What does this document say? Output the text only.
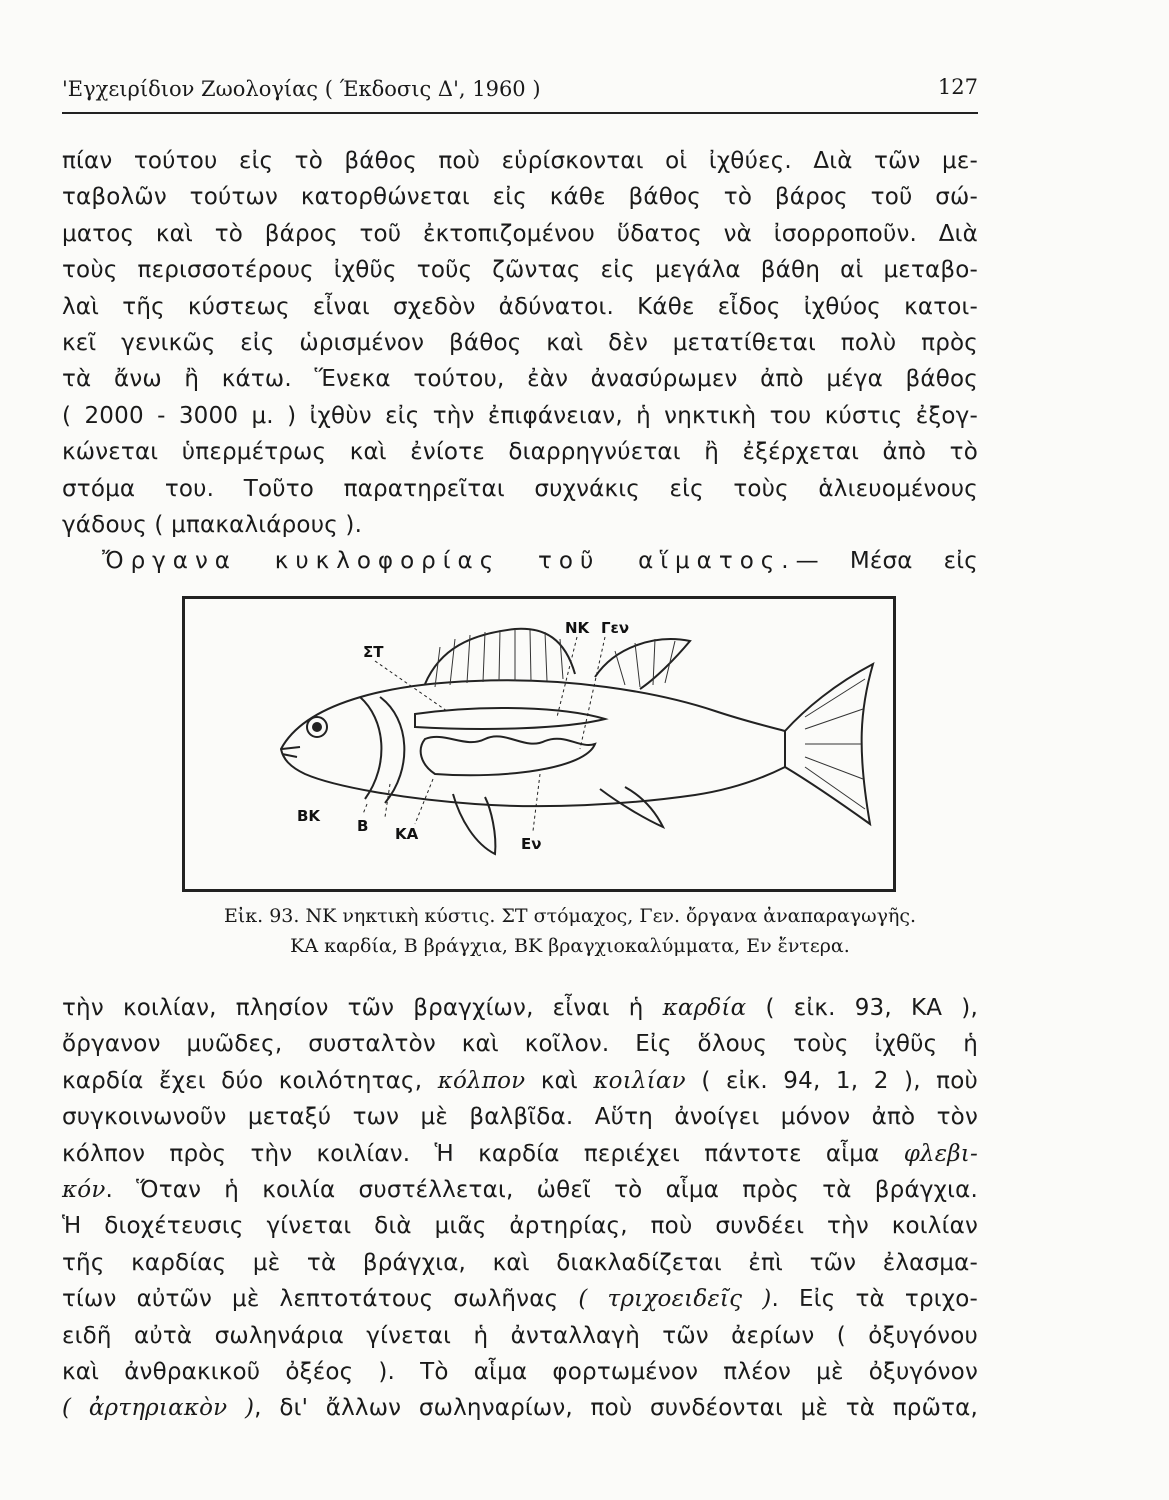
'Εγχειρίδιον Ζωολογίας ( Έκδοσις Δ', 1960 )	127
πίαν τούτου εἰς τὸ βάθος ποὺ εὑρίσκονται οἱ ἰχθύες. Διὰ τῶν με-
ταβολῶν τούτων κατορθώνεται εἰς κάθε βάθος τὸ βάρος τοῦ σώ-
ματος καὶ τὸ βάρος τοῦ ἐκτοπιζομένου ὕδατος νὰ ἰσορροποῦν. Διὰ
τοὺς περισσοτέρους ἰχθῦς τοῦς ζῶντας εἰς μεγάλα βάθη αἱ μεταβο-
λαὶ τῆς κύστεως εἶναι σχεδὸν ἀδύνατοι. Κάθε εἶδος ἰχθύος κατοι-
κεῖ γενικῶς εἰς ὡρισμένον βάθος καὶ δὲν μετατίθεται πολὺ πρὸς
τὰ ἄνω ἢ κάτω. Ἕνεκα τούτου, ἐὰν ἀνασύρωμεν ἀπὸ μέγα βάθος
( 2000 - 3000 μ. ) ἰχθὺν εἰς τὴν ἐπιφάνειαν, ἡ νηκτικὴ του κύστις ἐξογ-
κώνεται ὑπερμέτρως καὶ ἐνίοτε διαρρηγνύεται ἢ ἐξέρχεται ἀπὸ τὸ
στόμα του. Τοῦτο παρατηρεῖται συχνάκις εἰς τοὺς ἁλιευομένους
γάδους ( μπακαλιάρους ).
Ὄργανα κυκλοφορίας τοῦ αἵματος.— Μέσα εἰς
ΣΤ
NK Γεν
ΒΚ
Β ΚΑ
Εν
Εἰκ. 93. ΝΚ νηκτικὴ κύστις. ΣΤ στόμαχος, Γεν. ὄργανα ἀναπαραγωγῆς.
ΚΑ καρδία, Β βράγχια, ΒΚ βραγχιοκαλύμματα, Εν ἔντερα.
τὴν κοιλίαν, πλησίον τῶν βραγχίων, εἶναι ἡ καρδία ( εἰκ. 93, ΚΑ ),
ὄργανον μυῶδες, συσταλτὸν καὶ κοῖλον. Εἰς ὅλους τοὺς ἰχθῦς ἡ
καρδία ἔχει δύο κοιλότητας, κόλπον καὶ κοιλίαν ( εἰκ. 94, 1, 2 ), ποὺ
συγκοινωνοῦν μεταξύ των μὲ βαλβῖδα. Αὕτη ἀνοίγει μόνον ἀπὸ τὸν
κόλπον πρὸς τὴν κοιλίαν. Ἡ καρδία περιέχει πάντοτε αἷμα φλεβι-
κόν. Ὅταν ἡ κοιλία συστέλλεται, ὠθεῖ τὸ αἷμα πρὸς τὰ βράγχια.
Ἡ διοχέτευσις γίνεται διὰ μιᾶς ἀρτηρίας, ποὺ συνδέει τὴν κοιλίαν
τῆς καρδίας μὲ τὰ βράγχια, καὶ διακλαδίζεται ἐπὶ τῶν ἐλασμα-
τίων αὐτῶν μὲ λεπτοτάτους σωλῆνας ( τριχοειδεῖς ). Εἰς τὰ τριχο-
ειδῆ αὐτὰ σωληνάρια γίνεται ἡ ἀνταλλαγὴ τῶν ἀερίων ( ὀξυγόνου
καὶ ἀνθρακικοῦ ὀξέος ). Τὸ αἷμα φορτωμένον πλέον μὲ ὀξυγόνον
( ἀρτηριακὸν ), δι' ἄλλων σωληναρίων, ποὺ συνδέονται μὲ τὰ πρῶτα,
